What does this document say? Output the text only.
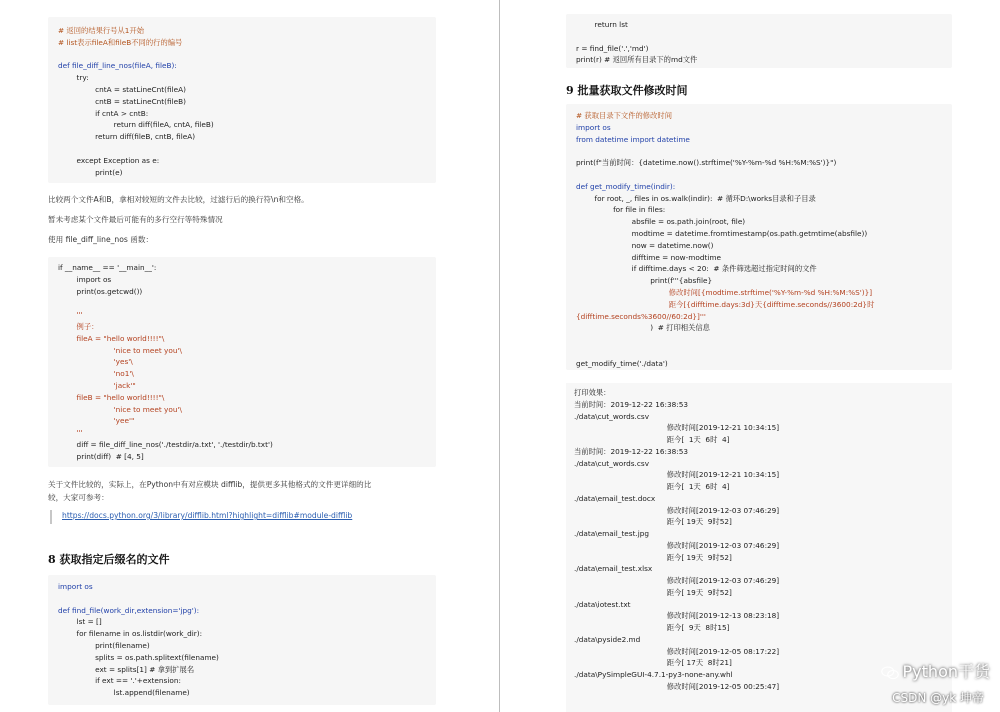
# 返回的结果行号从1开始
# list表示fileA和fileB不同的行的编号

def file_diff_line_nos(fileA, fileB):
try:
cntA = statLineCnt(fileA)
cntB = statLineCnt(fileB)
if cntA > cntB:
return diff(fileA, cntA, fileB)
return diff(fileB, cntB, fileA)

except Exception as e:
print(e)
比较两个文件A和B，拿相对较短的文件去比较，过滤行后的换行符\n和空格。
暂未考虑某个文件最后可能有的多行空行等特殊情况
使用 file_diff_line_nos 函数：
if __name__ == '__main__':
import os
print(os.getcwd())

'''
例子：
fileA = "hello world!!!!"\
'nice to meet you'\
'yes'\
'no1'\
'jack'"
fileB = "hello world!!!!"\
'nice to meet you'\
'yee'"
'''
diff = file_diff_line_nos('./testdir/a.txt', './testdir/b.txt')
print(diff)  # [4, 5]
关于文件比较的，实际上，在Python中有对应模块 difflib，提供更多其他格式的文件更详细的比
较，大家可参考：
https://docs.python.org/3/library/difflib.html?highlight=difflib#module-difflib
8 获取指定后缀名的文件
import os

def find_file(work_dir,extension='jpg'):
lst = []
for filename in os.listdir(work_dir):
print(filename)
splits = os.path.splitext(filename)
ext = splits[1] # 拿到扩展名
if ext == '.'+extension:
lst.append(filename)
return lst

r = find_file('.','md')
print(r) # 返回所有目录下的md文件
9 批量获取文件修改时间
# 获取目录下文件的修改时间
import os
from datetime import datetime

print(f"当前时间：{datetime.now().strftime('%Y-%m-%d %H:%M:%S')}")

def get_modify_time(indir):
for root, _, files in os.walk(indir):  # 循环D:\works目录和子目录
for file in files:
absfile = os.path.join(root, file)
modtime = datetime.fromtimestamp(os.path.getmtime(absfile))
now = datetime.now()
difftime = now-modtime
if difftime.days < 20:  # 条件筛选超过指定时间的文件
print(f'''{absfile}
修改时间[{modtime.strftime('%Y-%m-%d %H:%M:%S')}]
距今[{difftime.days:3d}天{difftime.seconds//3600:2d}时
{difftime.seconds%3600//60:2d}]'''
)  # 打印相关信息

get_modify_time('./data')
打印效果：
当前时间：2019-12-22 16:38:53
./data\cut_words.csv
修改时间[2019-12-21 10:34:15]
距今[  1天  6时  4]
当前时间：2019-12-22 16:38:53
./data\cut_words.csv
修改时间[2019-12-21 10:34:15]
距今[  1天  6时  4]
./data\email_test.docx
修改时间[2019-12-03 07:46:29]
距今[ 19天  9时52]
./data\email_test.jpg
修改时间[2019-12-03 07:46:29]
距今[ 19天  9时52]
./data\email_test.xlsx
修改时间[2019-12-03 07:46:29]
距今[ 19天  9时52]
./data\iotest.txt
修改时间[2019-12-13 08:23:18]
距今[  9天  8时15]
./data\pyside2.md
修改时间[2019-12-05 08:17:22]
距今[ 17天  8时21]
./data\PySimpleGUI-4.7.1-py3-none-any.whl
修改时间[2019-12-05 00:25:47]
Python干货
CSDN @yk 坤帝
